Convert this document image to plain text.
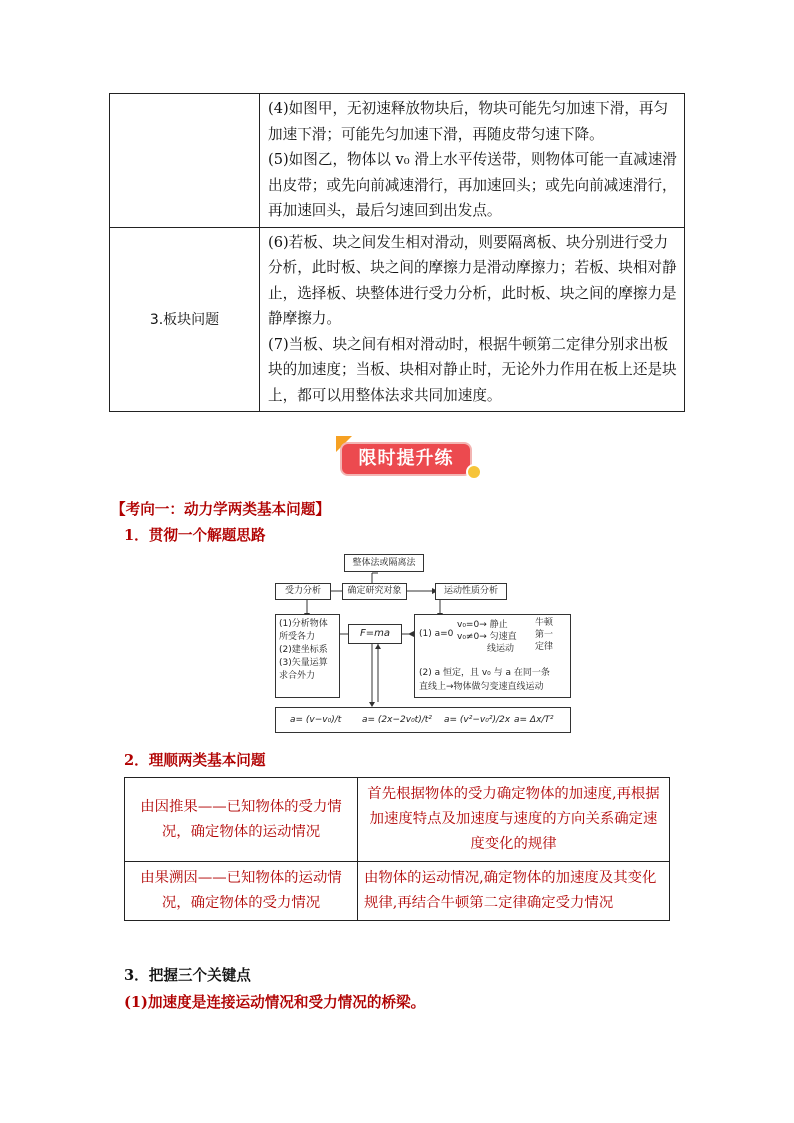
	(4)如图甲，无初速释放物块后，物块可能先匀加速下滑，再匀加速下滑；可能先匀加速下滑，再随皮带匀速下降。
(5)如图乙，物体以 v₀ 滑上水平传送带，则物体可能一直减速滑出皮带；或先向前减速滑行，再加速回头；或先向前减速滑行，再加速回头，最后匀速回到出发点。

3.板块问题	(6)若板、块之间发生相对滑动，则要隔离板、块分别进行受力分析，此时板、块之间的摩擦力是滑动摩擦力；若板、块相对静止，选择板、块整体进行受力分析，此时板、块之间的摩擦力是静摩擦力。
(7)当板、块之间有相对滑动时，根据牛顿第二定律分别求出板块的加速度；当板、块相对静止时，无论外力作用在板上还是块上，都可以用整体法求共同加速度。
限时提升练
【考向一：动力学两类基本问题】
1．贯彻一个解题思路
整体法或隔离法
受力分析	确定研究对象	运动性质分析
(1)分析物体
所受各力
(2)建坐标系
(3)矢量运算
求合外力
F=ma	(1) a=0
v₀=0→ 静止
v₀≠0→ 匀速直
线运动
牛顿
第一
定律
(2) a 恒定，且 v₀ 与 a 在同一条
直线上→物体做匀变速直线运动
a= (v−v₀)/t a= (2x−2v₀t)/t² a= (v²−v₀²)/2x a= Δx/T²
2．理顺两类基本问题
由因推果——已知物体的受力情况，确定物体的运动情况	首先根据物体的受力确定物体的加速度,再根据加速度特点及加速度与速度的方向关系确定速度变化的规律
由果溯因——已知物体的运动情况，确定物体的受力情况	由物体的运动情况,确定物体的加速度及其变化规律,再结合牛顿第二定律确定受力情况
3．把握三个关键点
(1)加速度是连接运动情况和受力情况的桥梁。
